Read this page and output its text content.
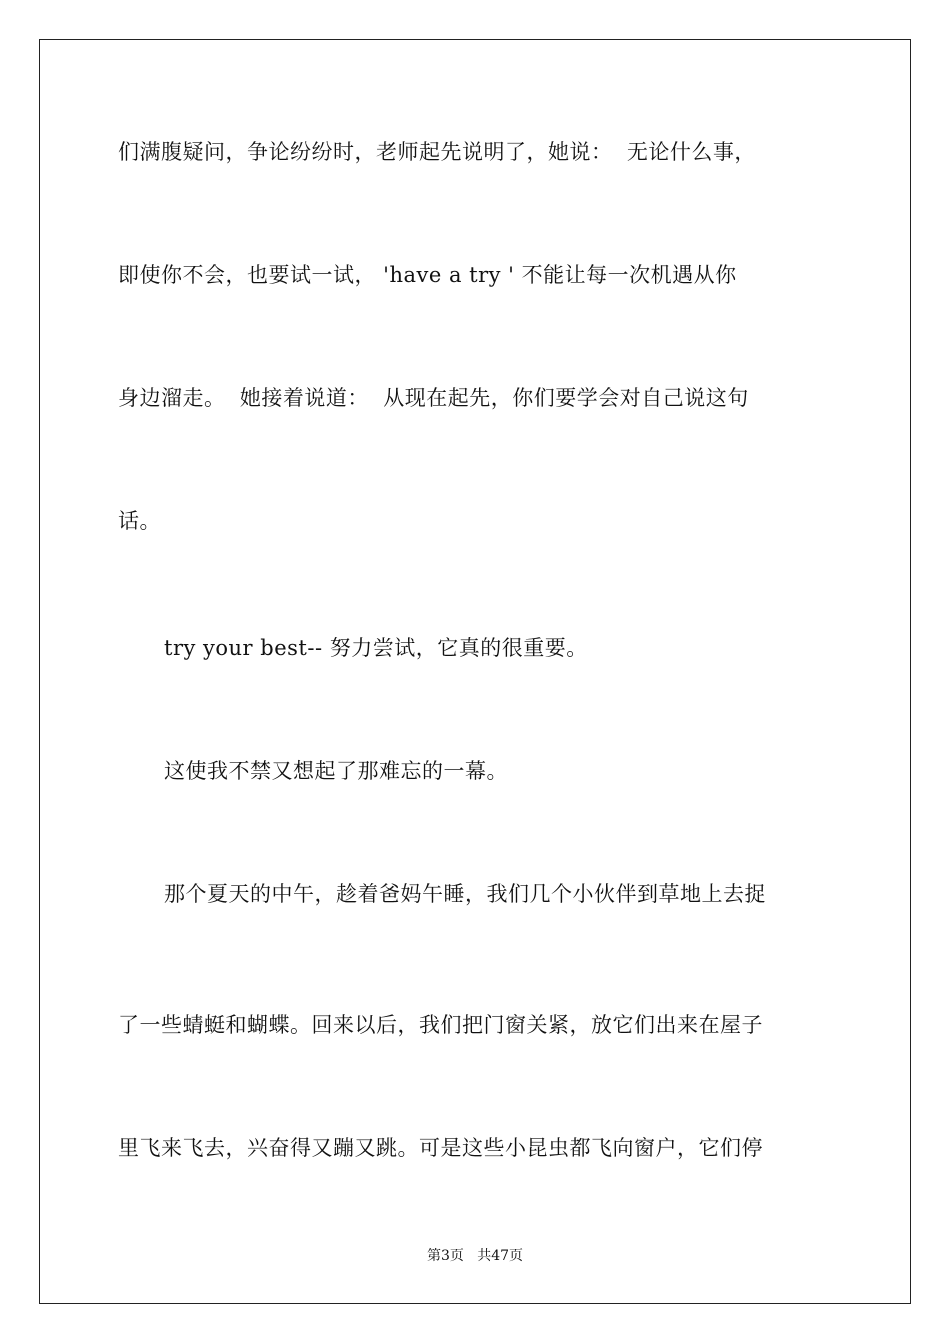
们满腹疑问，争论纷纷时，老师起先说明了，她说：  无论什么事，
即使你不会，也要试一试， 'have a try ' 不能让每一次机遇从你
身边溜走。  她接着说道：  从现在起先，你们要学会对自己说这句
话。
try your best-- 努力尝试，它真的很重要。
这使我不禁又想起了那难忘的一幕。
那个夏天的中午，趁着爸妈午睡，我们几个小伙伴到草地上去捉
了一些蜻蜓和蝴蝶。回来以后，我们把门窗关紧，放它们出来在屋子
里飞来飞去，兴奋得又蹦又跳。可是这些小昆虫都飞向窗户，它们停
第3页   共47页
